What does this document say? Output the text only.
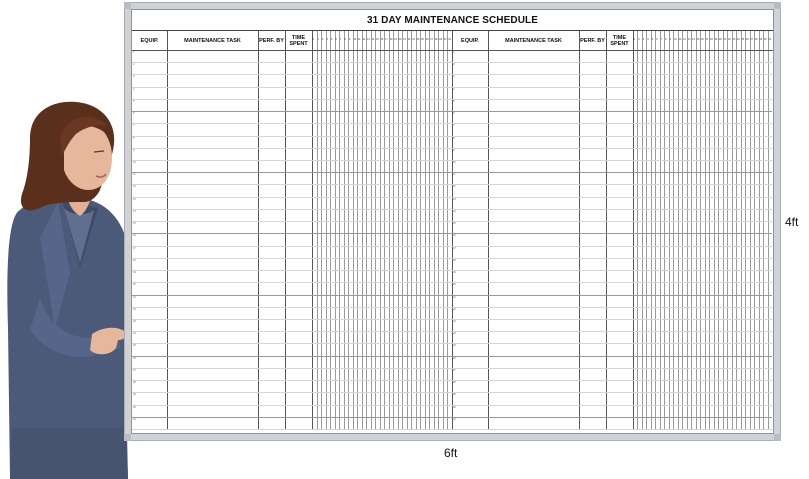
31 DAY MAINTENANCE SCHEDULE
EQUIP.	MAINTENANCE TASK	PERF. BY	TIME SPENT
1 2 3 4 5 6 7 8 9 10 11 12 13 14 15 16 17 18 19 20 21 22 23 24 25 26 27 28 29 30 31
1
2
3
4
5
6
7
8
9
10
11
12
13
14
15
16
17
18
19
20
21
22
23
24
25
26
27
28
29
30
31
EQUIP.	MAINTENANCE TASK	PERF. BY	TIME SPENT
1 2 3 4 5 6 7 8 9 10 11 12 13 14 15 16 17 18 19 20 21 22 23 24 25 26 27 28 29 30 31
1
2
3
4
5
6
7
8
9
10
11
12
13
14
15
16
17
18
19
20
21
22
23
24
25
26
27
28
29
30
31
4ft
6ft
